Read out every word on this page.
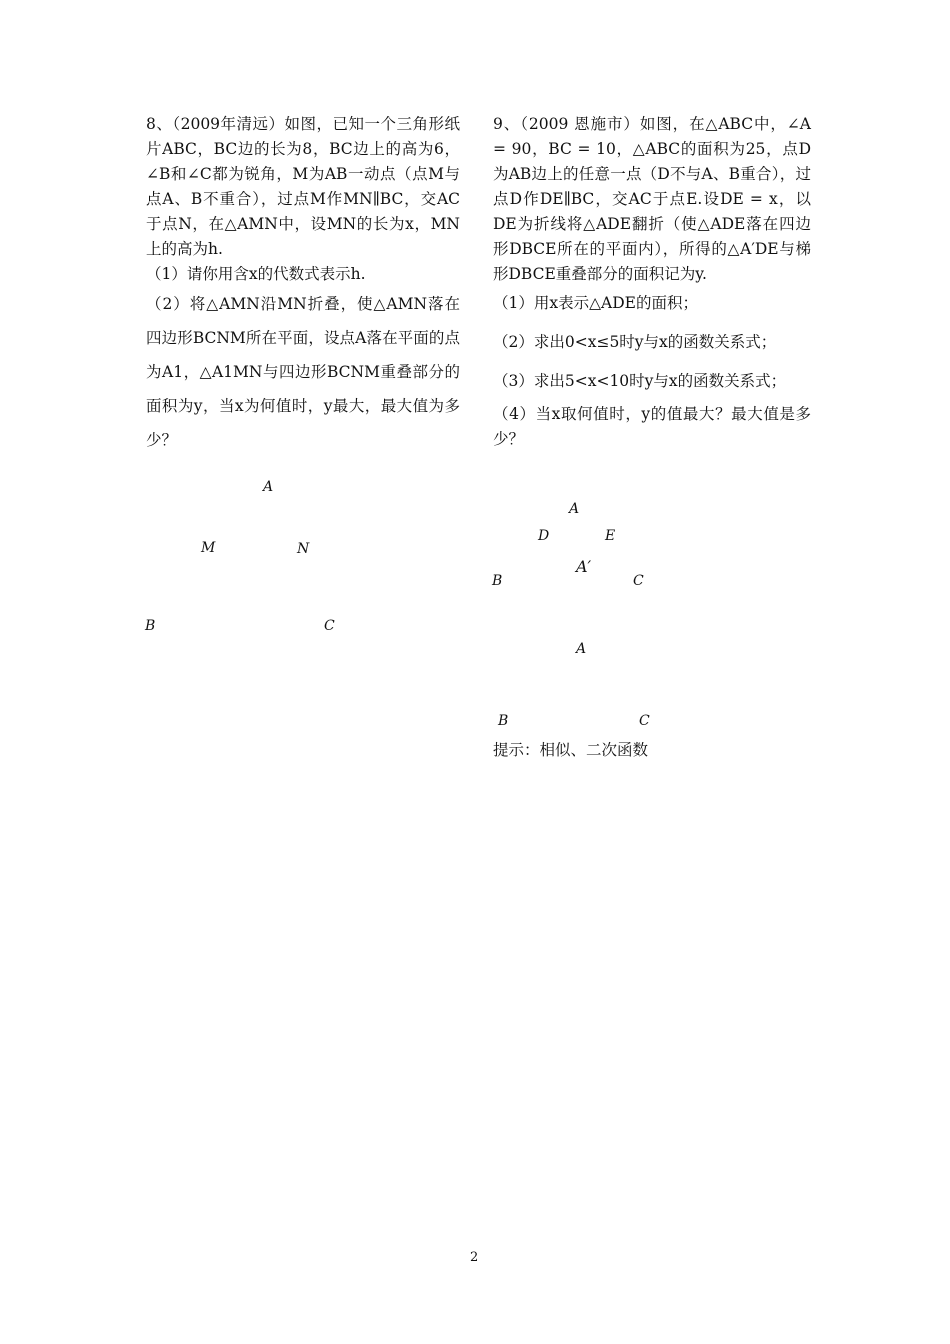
8、（2009年清远）如图，已知一个三角形纸片ABC，BC边的长为8，BC边上的高为6，∠B和∠C都为锐角，M为AB一动点（点M与点A、B不重合），过点M作MN∥BC，交AC于点N，在△AMN中，设MN的长为x，MN上的高为h.

（1）请你用含x的代数式表示h.

（2）将△AMN沿MN折叠，使△AMN落在四边形BCNM所在平面，设点A落在平面的点为A1，△A1MN与四边形BCNM重叠部分的面积为y，当x为何值时，y最大，最大值为多少？

A
M	N
B	C

9、（2009 恩施市）如图，在△ABC中，∠A = 90，BC = 10，△ABC的面积为25，点D为AB边上的任意一点（D不与A、B重合），过点D作DE∥BC，交AC于点E.设DE = x，以DE为折线将△ADE翻折（使△ADE落在四边形DBCE所在的平面内），所得的△A′DE与梯形DBCE重叠部分的面积记为y.

（1）用x表示△ADE的面积；

（2）求出0<x≤5时y与x的函数关系式；

（3）求出5<x<10时y与x的函数关系式；

（4）当x取何值时，y的值最大？最大值是多少？

A
D	E
A′
B	C
A
B	C
提示：相似、二次函数
2
